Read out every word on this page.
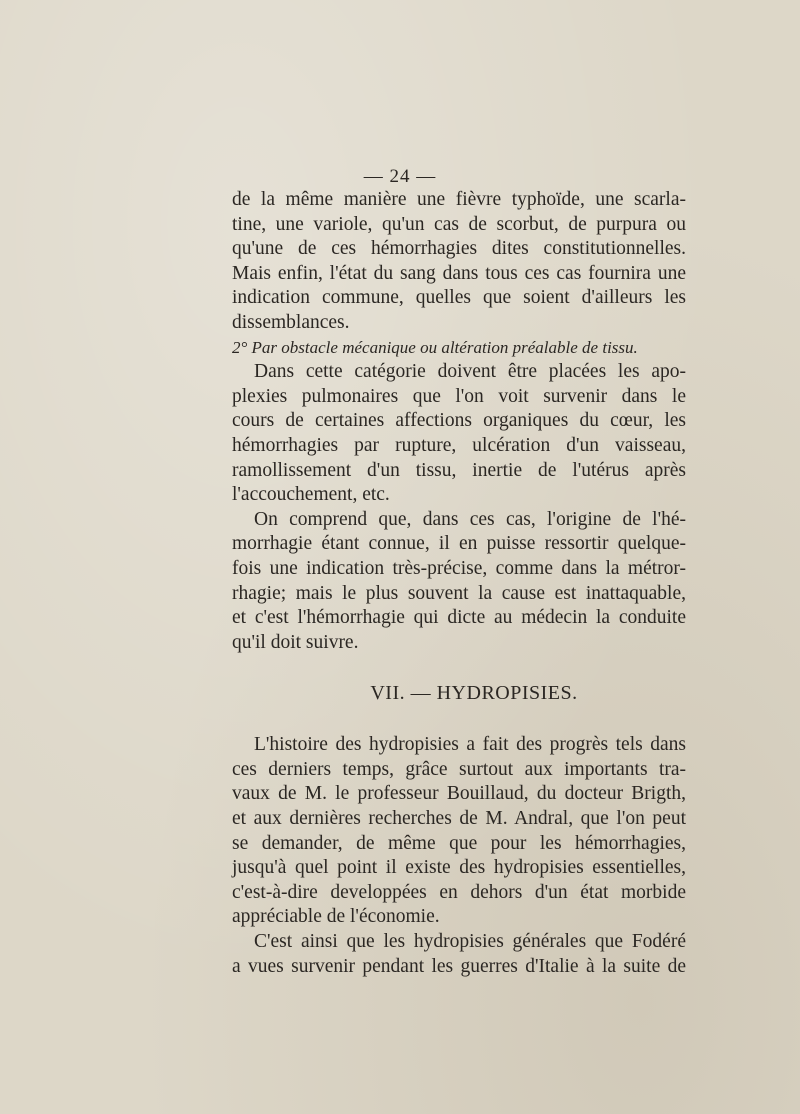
— 24 —

de la même manière une fièvre typhoïde, une scarla-
tine, une variole, qu'un cas de scorbut, de purpura ou
qu'une de ces hémorrhagies dites constitutionnelles.
Mais enfin, l'état du sang dans tous ces cas fournira une
indication commune, quelles que soient d'ailleurs les
dissemblances.

2° Par obstacle mécanique ou altération préalable de tissu.

Dans cette catégorie doivent être placées les apo-
plexies pulmonaires que l'on voit survenir dans le
cours de certaines affections organiques du cœur, les
hémorrhagies par rupture, ulcération d'un vaisseau,
ramollissement d'un tissu, inertie de l'utérus après
l'accouchement, etc.

On comprend que, dans ces cas, l'origine de l'hé-
morrhagie étant connue, il en puisse ressortir quelque-
fois une indication très-précise, comme dans la métror-
rhagie; mais le plus souvent la cause est inattaquable,
et c'est l'hémorrhagie qui dicte au médecin la conduite
qu'il doit suivre.

VII. — HYDROPISIES.

L'histoire des hydropisies a fait des progrès tels dans
ces derniers temps, grâce surtout aux importants tra-
vaux de M. le professeur Bouillaud, du docteur Brigth,
et aux dernières recherches de M. Andral, que l'on peut
se demander, de même que pour les hémorrhagies,
jusqu'à quel point il existe des hydropisies essentielles,
c'est-à-dire developpées en dehors d'un état morbide
appréciable de l'économie.

C'est ainsi que les hydropisies générales que Fodéré
a vues survenir pendant les guerres d'Italie à la suite de
